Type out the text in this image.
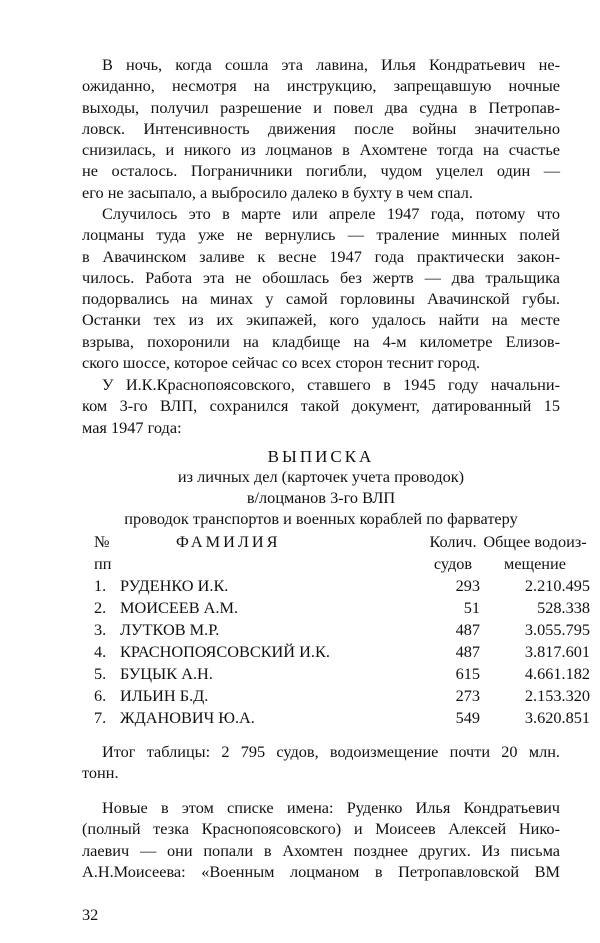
В ночь, когда сошла эта лавина, Илья Кондратьевич не-
ожиданно, несмотря на инструкцию, запрещавшую ночные
выходы, получил разрешение и повел два судна в Петропав-
ловск. Интенсивность движения после войны значительно
снизилась, и никого из лоцманов в Ахомтене тогда на счастье
не осталось. Пограничники погибли, чудом уцелел один —
его не засыпало, а выбросило далеко в бухту в чем спал.
Случилось это в марте или апреле 1947 года, потому что
лоцманы туда уже не вернулись — траление минных полей
в Авачинском заливе к весне 1947 года практически закон-
чилось. Работа эта не обошлась без жертв — два тральщика
подорвались на минах у самой горловины Авачинской губы.
Останки тех из их экипажей, кого удалось найти на месте
взрыва, похоронили на кладбище на 4-м километре Елизов-
ского шоссе, которое сейчас со всех сторон теснит город.
У И.К.Краснопоясовского, ставшего в 1945 году начальни-
ком 3-го ВЛП, сохранился такой документ, датированный 15
мая 1947 года:

ВЫПИСКА

из личных дел (карточек учета проводок)

в/лоцманов 3-го ВЛП

проводок транспортов и военных кораблей по фарватеру

№	ФАМИЛИЯ	Колич.	Общее водоиз-
пп		судов	мещение
1.	РУДЕНКО И.К.	293	2.210.495
2.	МОИСЕЕВ А.М.	51	528.338
3.	ЛУТКОВ М.Р.	487	3.055.795
4.	КРАСНОПОЯСОВСКИЙ И.К.	487	3.817.601
5.	БУЦЫК А.Н.	615	4.661.182
6.	ИЛЬИН Б.Д.	273	2.153.320
7.	ЖДАНОВИЧ Ю.А.	549	3.620.851
Итог таблицы: 2 795 судов, водоизмещение почти 20 млн.
тонн.
Новые в этом списке имена: Руденко Илья Кондратьевич
(полный тезка Краснопоясовского) и Моисеев Алексей Нико-
лаевич — они попали в Ахомтен позднее других. Из письма
А.Н.Моисеева: «Военным лоцманом в Петропавловской ВМ
32
